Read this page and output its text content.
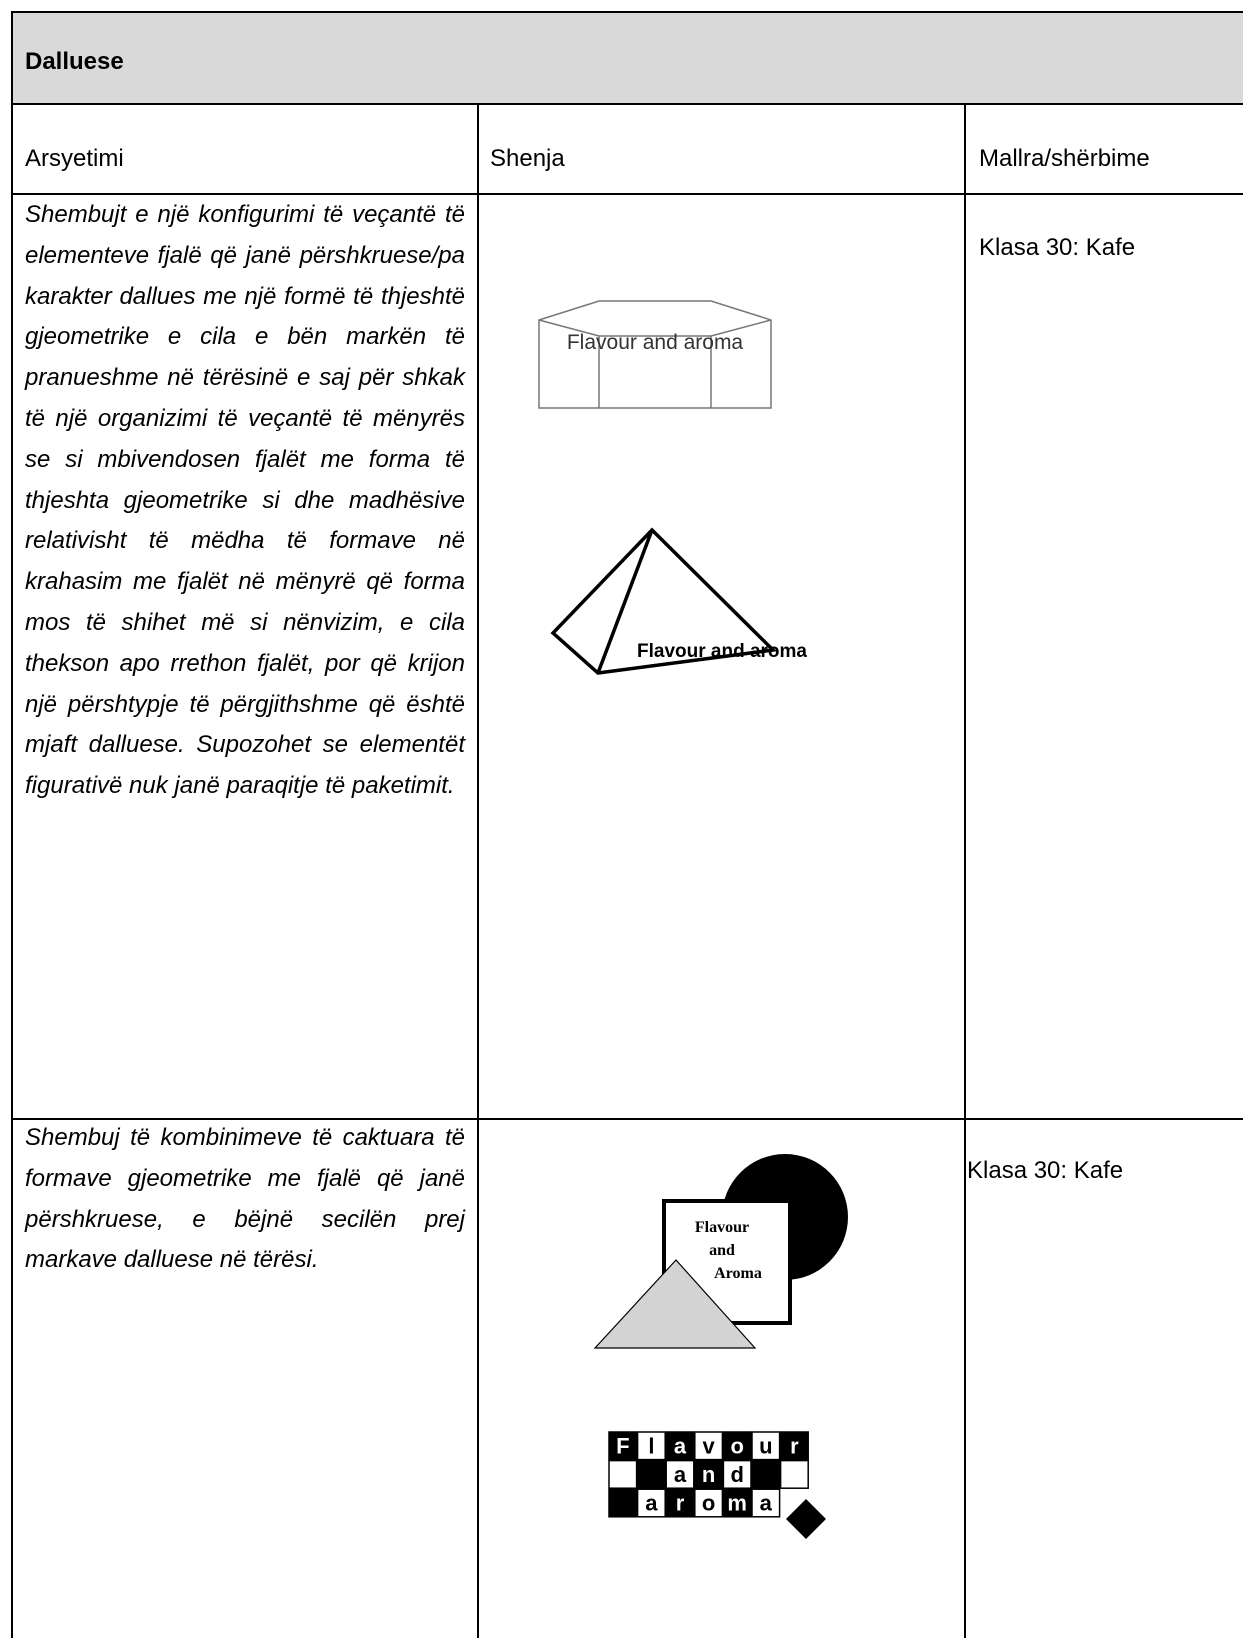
Dalluese
Arsyetimi	Shenja	Mallra/shërbime
Shembujt e një konfigurimi të veçantë të elementeve fjalë që janë përshkruese/pa karakter dallues me një formë të thjeshtë gjeometrike e cila e bën markën të pranueshme në tërësinë e saj për shkak të një organizimi të veçantë të mënyrës se si mbivendosen fjalët me forma të thjeshta gjeometrike si dhe madhësive relativisht të mëdha të formave në krahasim me fjalët në mënyrë që forma mos të shihet më si nënvizim, e cila thekson apo rrethon fjalët, por që krijon një përshtypje të përgjithshme që është mjaft dalluese. Supozohet se elementët figurativë nuk janë paraqitje të paketimit.
Klasa 30: Kafe
Flavour and aroma
Flavour and aroma
Shembuj të kombinimeve të caktuara të formave gjeometrike me fjalë që janë përshkruese, e bëjnë secilën prej markave dalluese në tërësi.
Klasa 30: Kafe
Flavour
and
Aroma
F l a v o u r
a n d
a r o m a
